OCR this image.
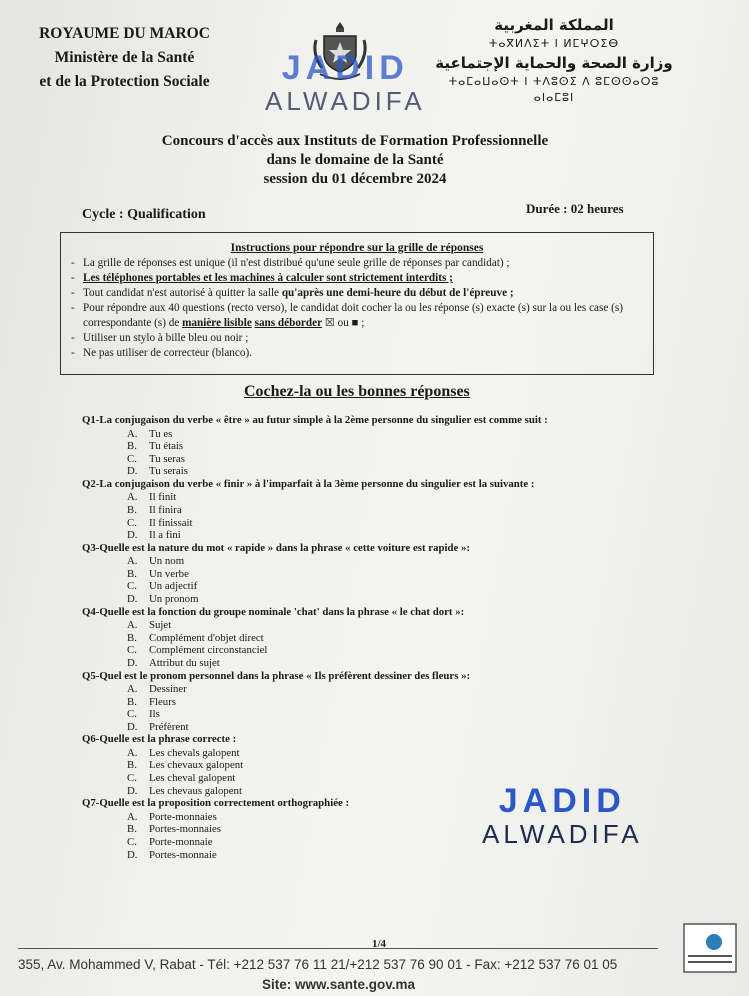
ROYAUME DU MAROC
Ministère de la Santé
et de la Protection Sociale
المملكة المغربية
ⵜⴰⴳⵍⴷⵉⵜ ⵏ ⵍⵎⵖⵔⵉⴱ
وزارة الصحة والحماية الإجتماعية
ⵜⴰⵎⴰⵡⴰⵙⵜ ⵏ ⵜⴷⵓⵙⵉ ⴷ ⵓⵎⵙⵙⴰⵔⵓ ⴰⵏⴰⵎⵓⵏ
JADID
ALWADIFA
Concours d'accès aux Instituts de Formation Professionnelle
dans le domaine de la Santé
session du 01 décembre 2024
Cycle : Qualification	Durée : 02 heures
Instructions pour répondre sur la grille de réponses
- La grille de réponses est unique (il n'est distribué qu'une seule grille de réponses par candidat) ;
- Les téléphones portables et les machines à calculer sont strictement interdits ;
- Tout candidat n'est autorisé à quitter la salle qu'après une demi-heure du début de l'épreuve ;
- Pour répondre aux 40 questions (recto verso), le candidat doit cocher la ou les réponse (s) exacte (s) sur la ou les case (s) correspondante (s) de manière lisible sans déborder ☒ ou ■ ;
- Utiliser un stylo à bille bleu ou noir ;
- Ne pas utiliser de correcteur (blanco).
Cochez-la ou les bonnes réponses
Q1-La conjugaison du verbe « être » au futur simple à la 2ème personne du singulier est comme suit :
A. Tu es
B. Tu étais
C. Tu seras
D. Tu serais
Q2-La conjugaison du verbe « finir » à l'imparfait à la 3ème personne du singulier est la suivante :
A. Il finit
B. Il finira
C. Il finissait
D. Il a fini
Q3-Quelle est la nature du mot « rapide » dans la phrase « cette voiture est rapide »:
A. Un nom
B. Un verbe
C. Un adjectif
D. Un pronom
Q4-Quelle est la fonction du groupe nominale 'chat' dans la phrase « le chat dort »:
A. Sujet
B. Complément d'objet direct
C. Complément circonstanciel
D. Attribut du sujet
Q5-Quel est le pronom personnel dans la phrase « Ils préfèrent dessiner des fleurs »:
A. Dessiner
B. Fleurs
C. Ils
D. Préfèrent
Q6-Quelle est la phrase correcte :
A. Les chevals galopent
B. Les chevaux galopent
C. Les cheval galopent
D. Les chevaus galopent
Q7-Quelle est la proposition correctement orthographiée :
A. Porte-monnaies
B. Portes-monnaies
C. Porte-monnaie
D. Portes-monnaie
JADID
ALWADIFA
1/4
355, Av. Mohammed V, Rabat - Tél: +212 537 76 11 21/+212 537 76 90 01 - Fax: +212 537 76 01 05
Site: www.sante.gov.ma
